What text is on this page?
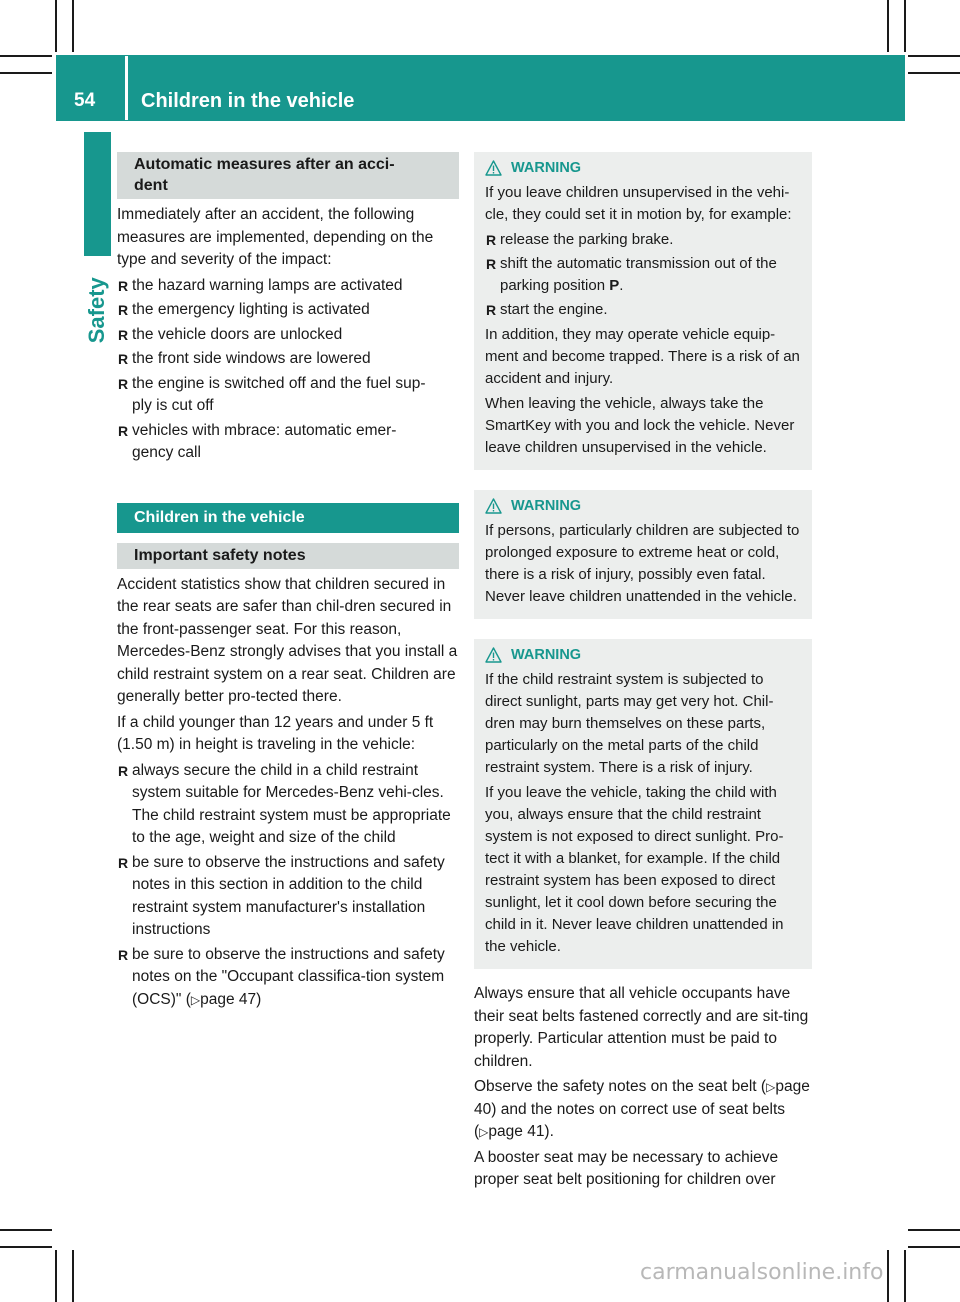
54 Children in the vehicle
Safety
Automatic measures after an acci-
dent

Immediately after an accident, the following measures are implemented, depending on the type and severity of the impact:

R the hazard warning lamps are activated
R the emergency lighting is activated
R the vehicle doors are unlocked
R the front side windows are lowered
R the engine is switched off and the fuel sup-
ply is cut off
R vehicles with mbrace: automatic emer-
gency call
Children in the vehicle
Important safety notes

Accident statistics show that children secured in the rear seats are safer than chil-dren secured in the front-passenger seat. For this reason, Mercedes-Benz strongly advises that you install a child restraint system on a rear seat. Children are generally better pro-tected there.

If a child younger than 12 years and under 5 ft (1.50 m) in height is traveling in the vehicle:

R always secure the child in a child restraint system suitable for Mercedes-Benz vehi-cles. The child restraint system must be appropriate to the age, weight and size of the child
R be sure to observe the instructions and safety notes in this section in addition to the child restraint system manufacturer's installation instructions
R be sure to observe the instructions and safety notes on the "Occupant classifica-tion system (OCS)" (▷page 47)
WARNING

If you leave children unsupervised in the vehi-cle, they could set it in motion by, for example:

R release the parking brake.
R shift the automatic transmission out of the parking position P.
R start the engine.

In addition, they may operate vehicle equip-ment and become trapped. There is a risk of an accident and injury.

When leaving the vehicle, always take the SmartKey with you and lock the vehicle. Never leave children unsupervised in the vehicle.

WARNING

If persons, particularly children are subjected to prolonged exposure to extreme heat or cold, there is a risk of injury, possibly even fatal. Never leave children unattended in the vehicle.

WARNING

If the child restraint system is subjected to direct sunlight, parts may get very hot. Chil-dren may burn themselves on these parts, particularly on the metal parts of the child restraint system. There is a risk of injury.

If you leave the vehicle, taking the child with you, always ensure that the child restraint system is not exposed to direct sunlight. Pro-tect it with a blanket, for example. If the child restraint system has been exposed to direct sunlight, let it cool down before securing the child in it. Never leave children unattended in the vehicle.

Always ensure that all vehicle occupants have their seat belts fastened correctly and are sit-ting properly. Particular attention must be paid to children.

Observe the safety notes on the seat belt (▷page 40) and the notes on correct use of seat belts (▷page 41).

A booster seat may be necessary to achieve proper seat belt positioning for children over

carmanualsonline.info
